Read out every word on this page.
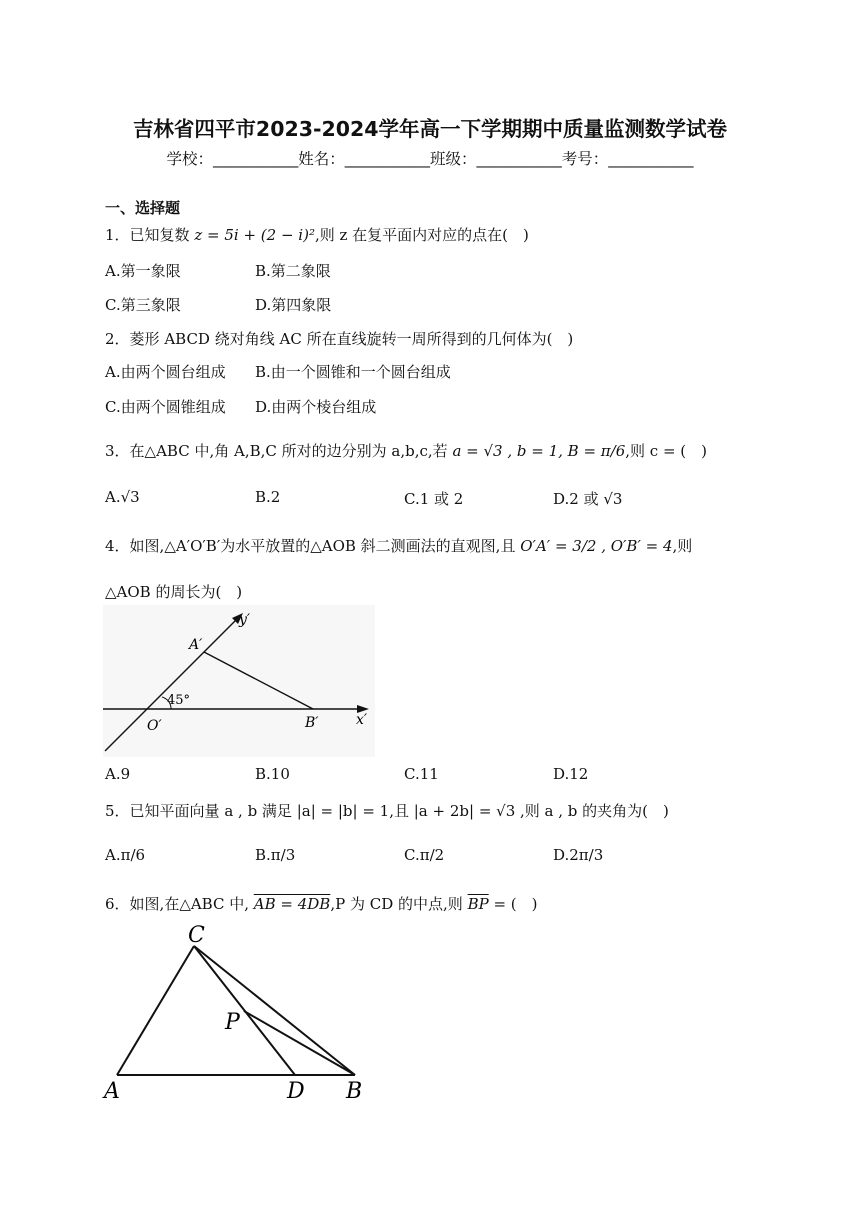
吉林省四平市2023-2024学年高一下学期期中质量监测数学试卷
学校：___________姓名：___________班级：___________考号：___________
一、选择题
1．已知复数 z = 5i + (2 − i)²,则 z 在复平面内对应的点在(　)
A.第一象限	B.第二象限
C.第三象限	D.第四象限
2．菱形 ABCD 绕对角线 AC 所在直线旋转一周所得到的几何体为(　)
A.由两个圆台组成 B.由一个圆锥和一个圆台组成
C.由两个圆锥组成 D.由两个棱台组成
3．在△ABC 中,角 A,B,C 所对的边分别为 a,b,c,若 a = √3 , b = 1, B = π/6,则 c = (　)
A.√3	B.2	C.1 或 2	D.2 或 √3
4．如图,△A′O′B′为水平放置的△AOB 斜二测画法的直观图,且 O′A′ = 3/2 , O′B′ = 4,则
△AOB 的周长为(　)
45°
A′
O′	B′	x′
y′
A.9	B.10	C.11	D.12
5．已知平面向量 a , b 满足 |a| = |b| = 1,且 |a + 2b| = √3 ,则 a , b 的夹角为(　)
A.π/6	B.π/3	C.π/2	D.2π/3
6．如图,在△ABC 中, AB = 4DB,P 为 CD 的中点,则 $\overline{BP}$ = (　)
A	B
C
D
P
